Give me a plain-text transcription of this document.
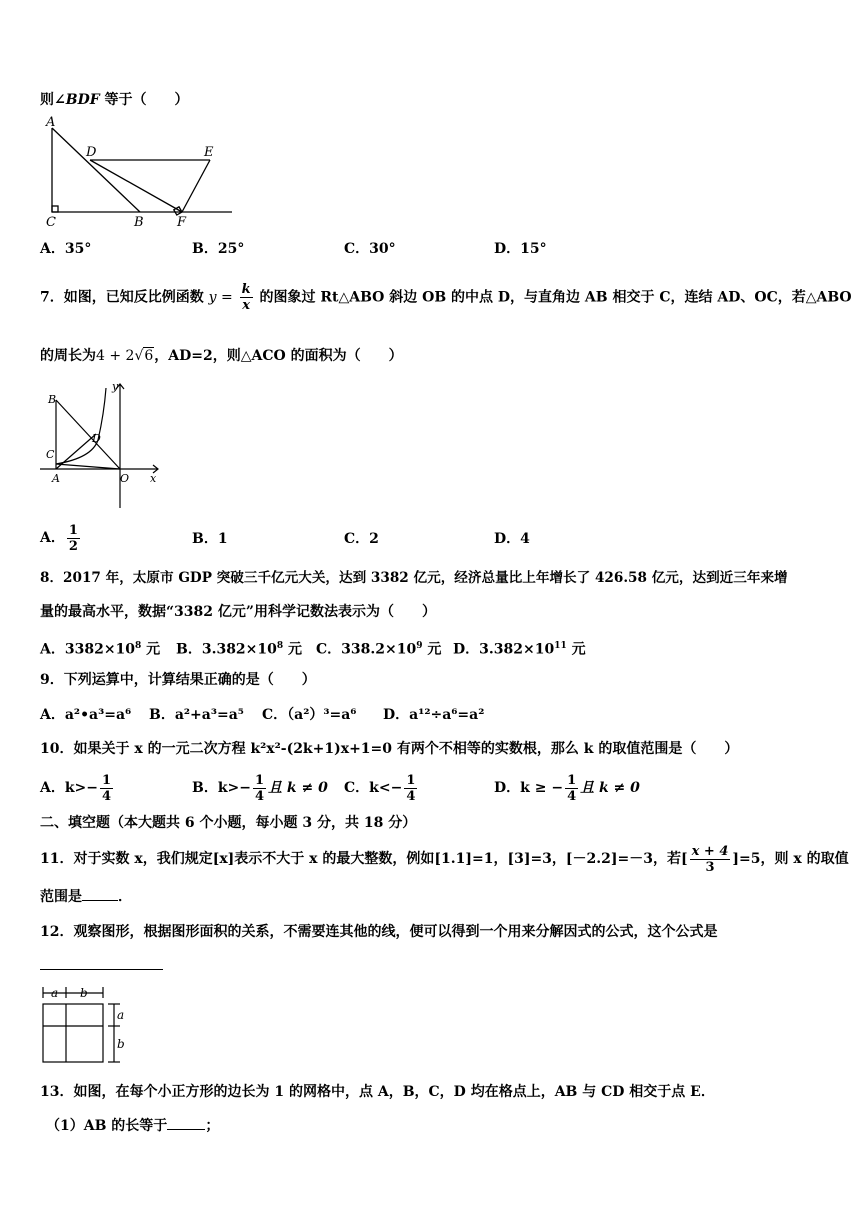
则∠BDF 等于（　　）
A
D	E
C	B	F
A．35°	B．25°	C．30°	D．15°
7．如图，已知反比例函数 $y = \frac{k}{x}$ 的图象过 Rt△ABO 斜边 OB 的中点 D，与直角边 AB 相交于 C，连结 AD、OC，若△ABO
的周长为4 + 2√6，AD=2，则△ACO 的面积为（　　）
B
y
D
C
A	O x
A． $\frac{1}{2}$	B．1	C．2	D．4
8．2017 年，太原市 GDP 突破三千亿元大关，达到 3382 亿元，经济总量比上年增长了 426.58 亿元，达到近三年来增
量的最高水平，数据“3382 亿元”用科学记数法表示为（　　）
A．$3382\times 10^8$ 元 B．$3.382\times 10^8$ 元 C．$338.2\times 10^9$ 元 D．$3.382\times 10^{11}$ 元
9．下列运算中，计算结果正确的是（　　）
A．a²•a³=a⁶ B．a²+a³=a⁵ C．（a²）³=a⁶ D．a¹²÷a⁶=a²
10．如果关于 x 的一元二次方程 k²x²-(2k+1)x+1=0 有两个不相等的实数根，那么 k 的取值范围是（　　）
A．$k>- \frac{1}{4}$	B．$k>- \frac{1}{4}$ 且 k ≠ 0 C．$k<- \frac{1}{4}$	D．k ≥ − $\frac{1}{4}$ 且 k ≠ 0
二、填空题（本大题共 6 个小题，每小题 3 分，共 18 分）
11．对于实数 x，我们规定[x]表示不大于 x 的最大整数，例如[1.1]=1，[3]=3，[－2.2]=－3，若[ $\frac{x + 4}{3} ]=5$，则 x 的取值
范围是	．
12．观察图形，根据图形面积的关系，不需要连其他的线，便可以得到一个用来分解因式的公式，这个公式是
a b
a
b
13．如图，在每个小正方形的边长为 1 的网格中，点 A，B，C，D 均在格点上，AB 与 CD 相交于点 E．
（1）AB 的长等于	；
